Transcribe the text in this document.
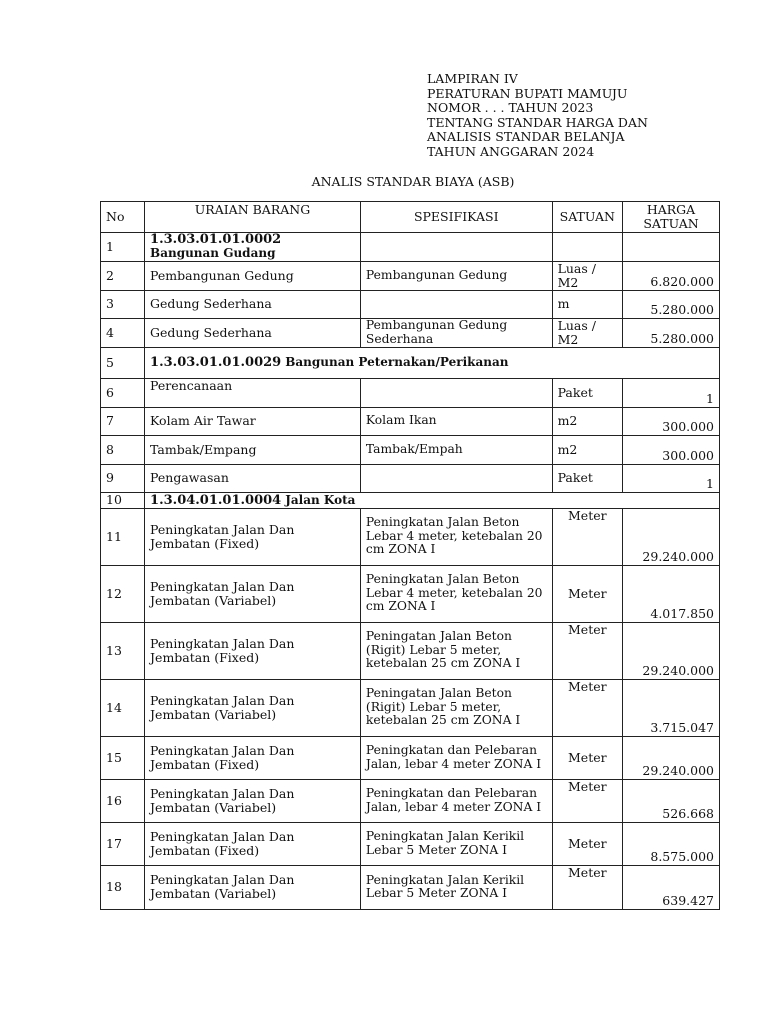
LAMPIRAN IV
PERATURAN BUPATI MAMUJU
NOMOR . . . TAHUN 2023
TENTANG STANDAR HARGA DAN
ANALISIS STANDAR BELANJA
TAHUN ANGGARAN 2024
ANALIS STANDAR BIAYA (ASB)
No	URAIAN BARANG	SPESIFIKASI	SATUAN	HARGA
SATUAN

1	1.3.03.01.01.0002
Bangunan Gudang			

2	Pembangunan Gedung	Pembangunan Gedung	Luas / M2	6.820.000
3	Gedung Sederhana		m	5.280.000
4	Gedung Sederhana	Pembangunan Gedung Sederhana	Luas / M2	5.280.000
5	1.3.03.01.01.0029 Bangunan Peternakan/Perikanan			
6	Perencanaan		Paket	1
7	Kolam Air Tawar	Kolam Ikan	m2	300.000
8	Tambak/Empang	Tambak/Empah	m2	300.000
9	Pengawasan		Paket	1
10	1.3.04.01.01.0004 Jalan Kota			
11	Peningkatan Jalan Dan Jembatan (Fixed)	Peningkatan Jalan Beton Lebar 4 meter, ketebalan 20 cm ZONA I	Meter	29.240.000
12	Peningkatan Jalan Dan Jembatan (Variabel)	Peningkatan Jalan Beton Lebar 4 meter, ketebalan 20 cm ZONA I	Meter	4.017.850
13	Peningkatan Jalan Dan Jembatan (Fixed)	Peningatan Jalan Beton (Rigit) Lebar 5 meter, ketebalan 25 cm ZONA I	Meter	29.240.000
14	Peningkatan Jalan Dan Jembatan (Variabel)	Peningatan Jalan Beton (Rigit) Lebar 5 meter, ketebalan 25 cm ZONA I	Meter	3.715.047
15	Peningkatan Jalan Dan Jembatan (Fixed)	Peningkatan dan Pelebaran Jalan, lebar 4 meter ZONA I	Meter	29.240.000
16	Peningkatan Jalan Dan Jembatan (Variabel)	Peningkatan dan Pelebaran Jalan, lebar 4 meter ZONA I	Meter	526.668
17	Peningkatan Jalan Dan Jembatan (Fixed)	Peningkatan Jalan Kerikil Lebar 5 Meter ZONA I	Meter	8.575.000
18	Peningkatan Jalan Dan Jembatan (Variabel)	Peningkatan Jalan Kerikil Lebar 5 Meter ZONA I	Meter	639.427
